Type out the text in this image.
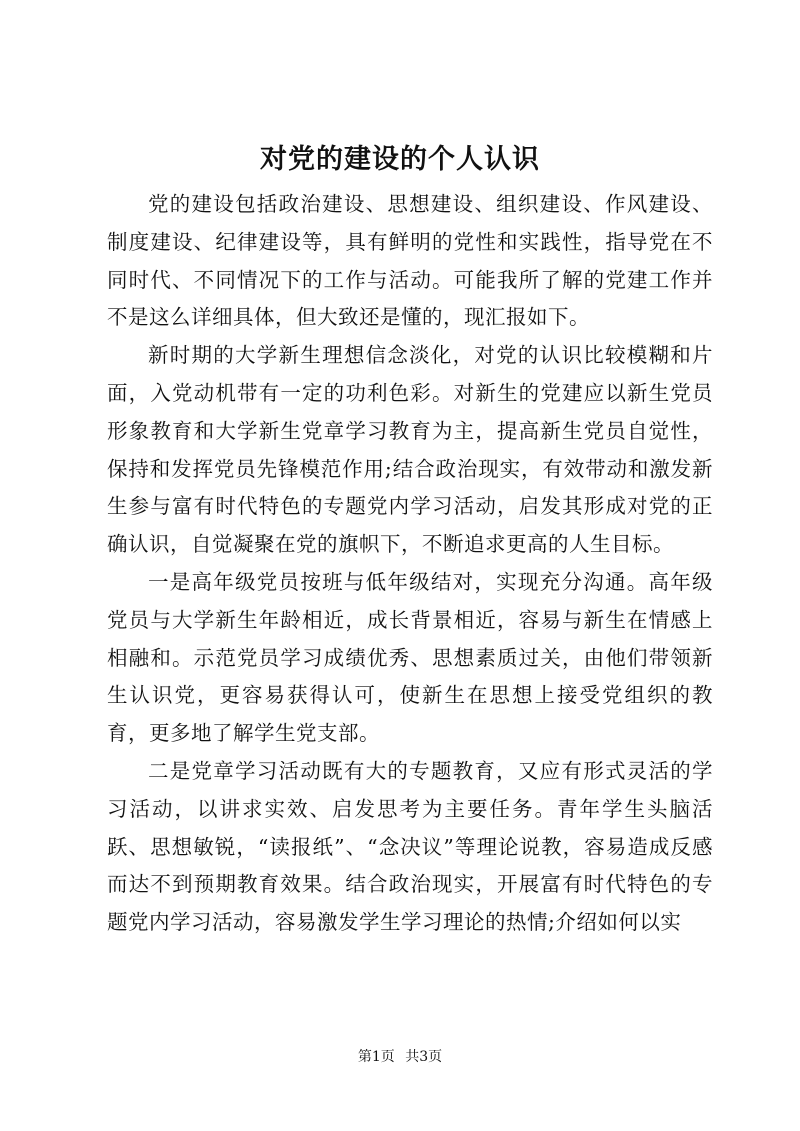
对党的建设的个人认识

党的建设包括政治建设、思想建设、组织建设、作风建设、制度建设、纪律建设等，具有鲜明的党性和实践性，指导党在不同时代、不同情况下的工作与活动。可能我所了解的党建工作并不是这么详细具体，但大致还是懂的，现汇报如下。

新时期的大学新生理想信念淡化，对党的认识比较模糊和片面，入党动机带有一定的功利色彩。对新生的党建应以新生党员形象教育和大学新生党章学习教育为主，提高新生党员自觉性，保持和发挥党员先锋模范作用;结合政治现实，有效带动和激发新生参与富有时代特色的专题党内学习活动，启发其形成对党的正确认识，自觉凝聚在党的旗帜下，不断追求更高的人生目标。

一是高年级党员按班与低年级结对，实现充分沟通。高年级党员与大学新生年龄相近，成长背景相近，容易与新生在情感上相融和。示范党员学习成绩优秀、思想素质过关，由他们带领新生认识党，更容易获得认可，使新生在思想上接受党组织的教育，更多地了解学生党支部。

二是党章学习活动既有大的专题教育，又应有形式灵活的学习活动，以讲求实效、启发思考为主要任务。青年学生头脑活跃、思想敏锐，“读报纸”、“念决议”等理论说教，容易造成反感而达不到预期教育效果。结合政治现实，开展富有时代特色的专题党内学习活动，容易激发学生学习理论的热情;介绍如何以实

第1页 共3页
